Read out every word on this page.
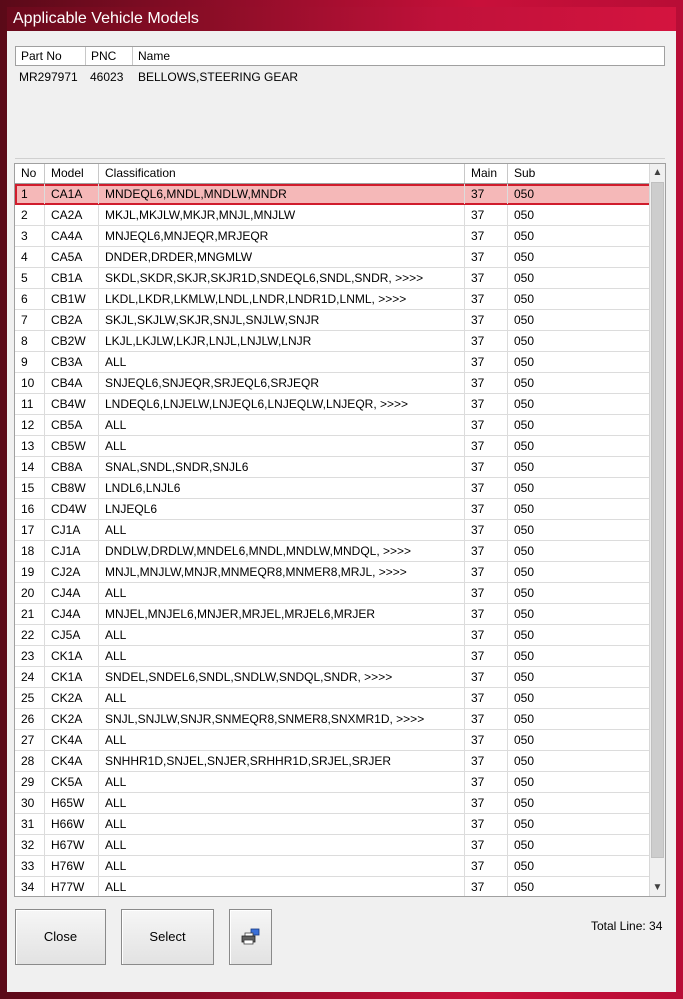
Applicable Vehicle Models
Part No	PNC	Name
MR297971 46023 BELLOWS,STEERING GEAR
No	Model	Classification	Main	Sub
1	CA1A	MNDEQL6,MNDL,MNDLW,MNDR	37	050
2	CA2A	MKJL,MKJLW,MKJR,MNJL,MNJLW	37	050
3	CA4A	MNJEQL6,MNJEQR,MRJEQR	37	050
4	CA5A	DNDER,DRDER,MNGMLW	37	050
5	CB1A	SKDL,SKDR,SKJR,SKJR1D,SNDEQL6,SNDL,SNDR, >>>>	37	050
6	CB1W	LKDL,LKDR,LKMLW,LNDL,LNDR,LNDR1D,LNML, >>>>	37	050
7	CB2A	SKJL,SKJLW,SKJR,SNJL,SNJLW,SNJR	37	050
8	CB2W	LKJL,LKJLW,LKJR,LNJL,LNJLW,LNJR	37	050
9	CB3A	ALL	37	050
10	CB4A	SNJEQL6,SNJEQR,SRJEQL6,SRJEQR	37	050
11	CB4W	LNDEQL6,LNJELW,LNJEQL6,LNJEQLW,LNJEQR, >>>>	37	050
12	CB5A	ALL	37	050
13	CB5W	ALL	37	050
14	CB8A	SNAL,SNDL,SNDR,SNJL6	37	050
15	CB8W	LNDL6,LNJL6	37	050
16	CD4W	LNJEQL6	37	050
17	CJ1A	ALL	37	050
18	CJ1A	DNDLW,DRDLW,MNDEL6,MNDL,MNDLW,MNDQL, >>>>	37	050
19	CJ2A	MNJL,MNJLW,MNJR,MNMEQR8,MNMER8,MRJL, >>>>	37	050
20	CJ4A	ALL	37	050
21	CJ4A	MNJEL,MNJEL6,MNJER,MRJEL,MRJEL6,MRJER	37	050
22	CJ5A	ALL	37	050
23	CK1A	ALL	37	050
24	CK1A	SNDEL,SNDEL6,SNDL,SNDLW,SNDQL,SNDR, >>>>	37	050
25	CK2A	ALL	37	050
26	CK2A	SNJL,SNJLW,SNJR,SNMEQR8,SNMER8,SNXMR1D, >>>>	37	050
27	CK4A	ALL	37	050
28	CK4A	SNHHR1D,SNJEL,SNJER,SRHHR1D,SRJEL,SRJER	37	050
29	CK5A	ALL	37	050
30	H65W	ALL	37	050
31	H66W	ALL	37	050
32	H67W	ALL	37	050
33	H76W	ALL	37	050
34	H77W	ALL	37	050
▲
▼
Close	Select
Total Line: 34
